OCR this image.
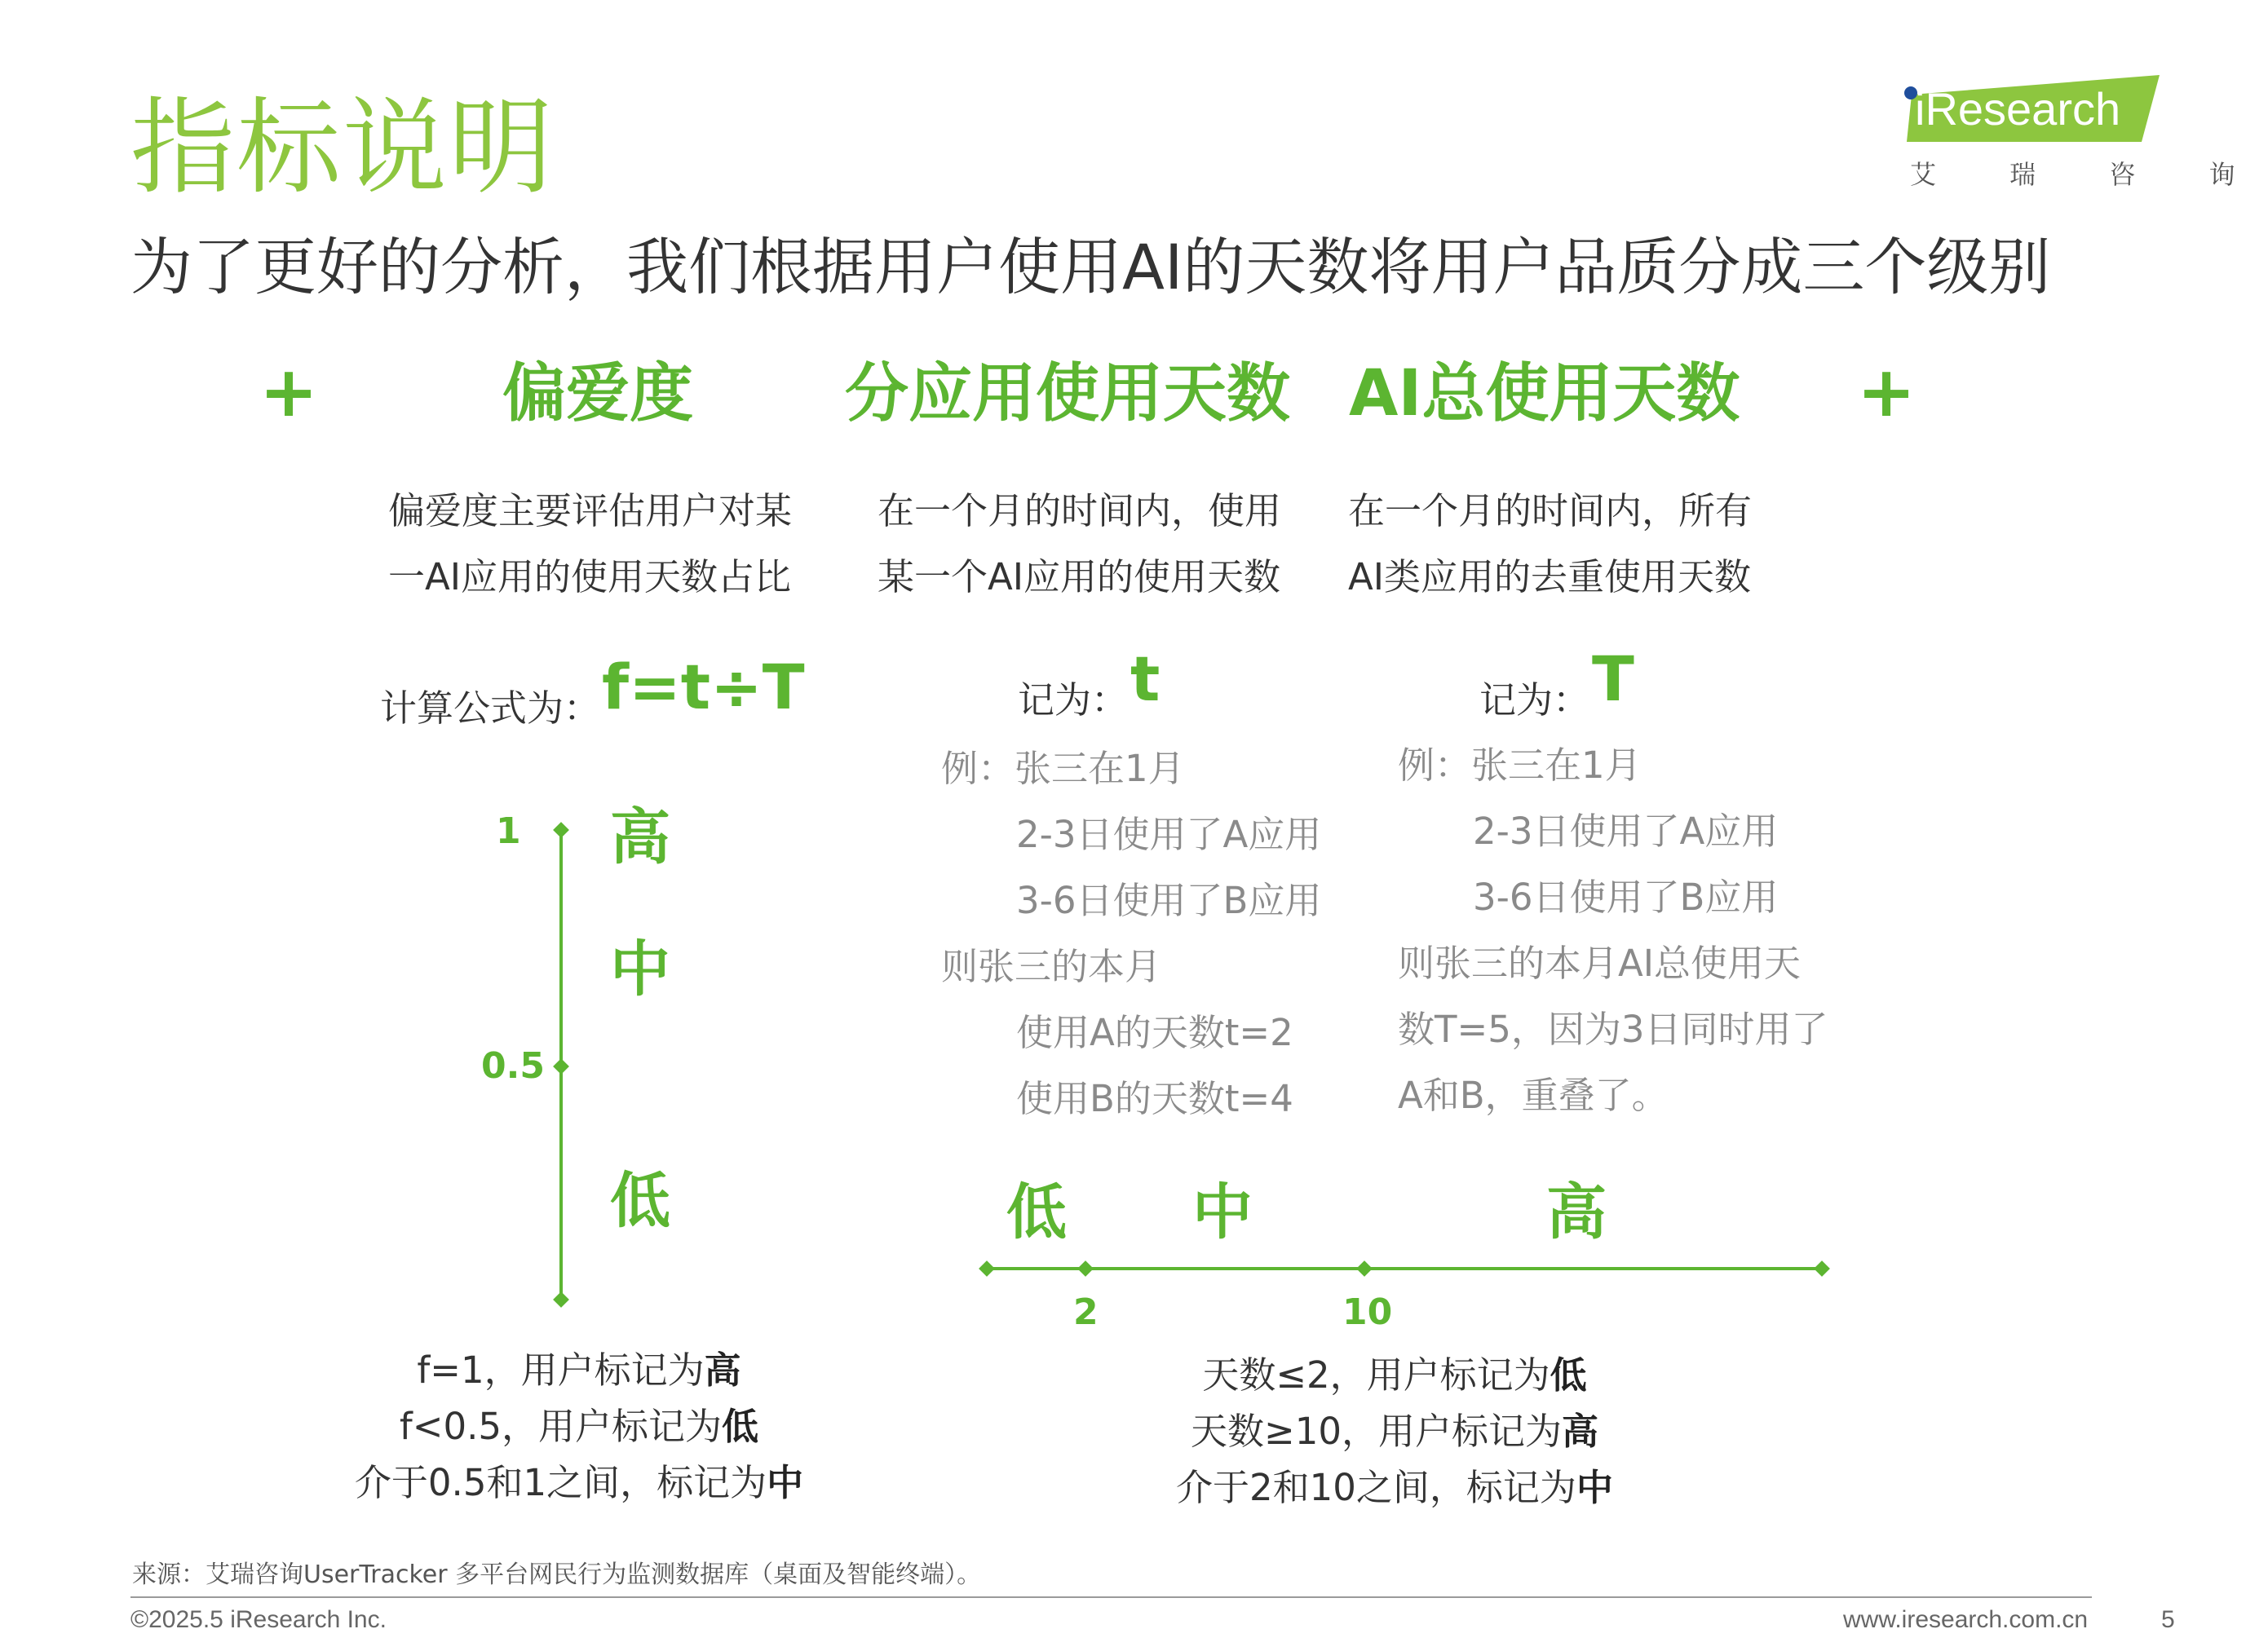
指标说明
为了更好的分析，我们根据用户使用AI的天数将用户品质分成三个级别
iResearch
艾 瑞 咨 询
+	+
偏爱度 分应用使用天数 AI总使用天数
偏爱度主要评估用户对某
一AI应用的使用天数占比
在一个月的时间内，使用
某一个AI应用的使用天数
在一个月的时间内，所有
AI类应用的去重使用天数
计算公式为： f=t÷T	记为： t	记为： T
例：张三在1月
2-3日使用了A应用
3-6日使用了B应用
则张三的本月
使用A的天数t=2
使用B的天数t=4
例：张三在1月
2-3日使用了A应用
3-6日使用了B应用
则张三的本月AI总使用天
数T=5，因为3日同时用了
A和B，重叠了。
1
0.5
高
中
低	低 中	高
2	10
f=1，用户标记为高
f<0.5，用户标记为低
介于0.5和1之间，标记为中
天数≤2，用户标记为低
天数≥10，用户标记为高
介于2和10之间，标记为中
来源：艾瑞咨询UserTracker 多平台网民行为监测数据库（桌面及智能终端）。
©2025.5 iResearch Inc.	www.iresearch.com.cn	5
